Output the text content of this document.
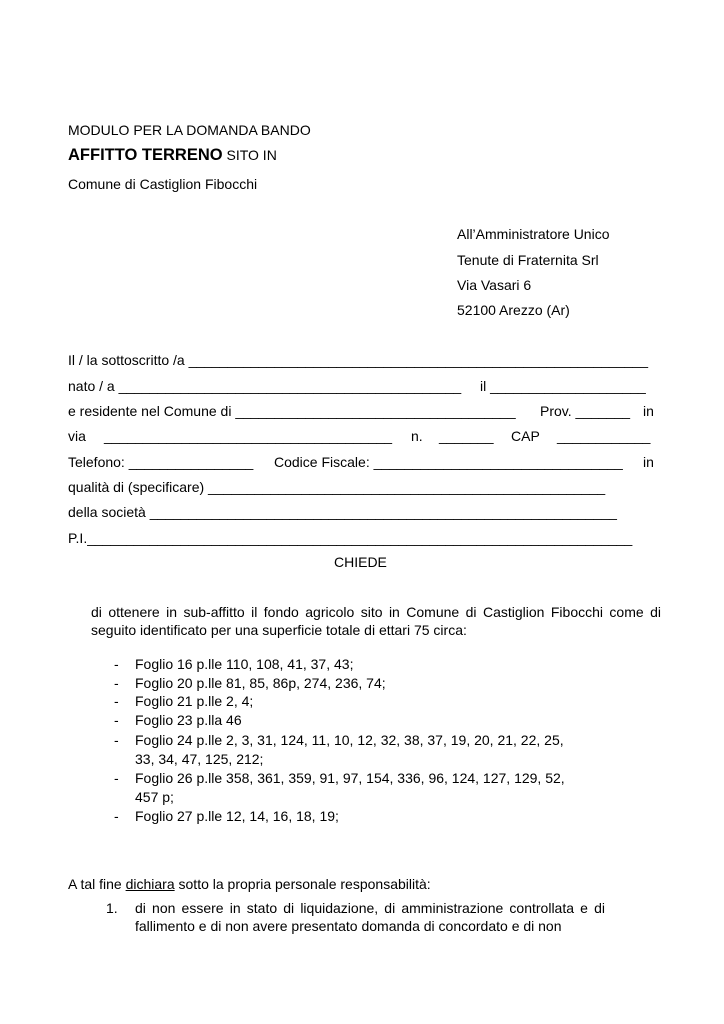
MODULO PER LA DOMANDA BANDO
AFFITTO TERRENO SITO IN
Comune di Castiglion Fibocchi
All’Amministratore Unico
Tenute di Fraternita Srl
Via Vasari 6
52100 Arezzo (Ar)
Il / la sottoscritto /a ___________________________________________________________
nato / a ____________________________________________ il ____________________
e residente nel Comune di ____________________________________ Prov. _______ in
via _____________________________________ n. _______ CAP ____________
Telefono: ________________ Codice Fiscale: ________________________________ in
qualità di (specificare) ___________________________________________________
della società ____________________________________________________________
P.I.______________________________________________________________________
CHIEDE
di ottenere in sub-affitto il fondo agricolo sito in Comune di Castiglion Fibocchi come di seguito identificato per una superficie totale di ettari 75 circa:
- Foglio 16 p.lle 110, 108, 41, 37, 43;
- Foglio 20 p.lle 81, 85, 86p, 274, 236, 74;
- Foglio 21 p.lle 2, 4;
- Foglio 23 p.lla 46
- Foglio 24 p.lle 2, 3, 31, 124, 11, 10, 12, 32, 38, 37, 19, 20, 21, 22, 25,
33, 34, 47, 125, 212;
- Foglio 26 p.lle 358, 361, 359, 91, 97, 154, 336, 96, 124, 127, 129, 52,
457 p;
- Foglio 27 p.lle 12, 14, 16, 18, 19;
A tal fine dichiara sotto la propria personale responsabilità:
1. di non essere in stato di liquidazione, di amministrazione controllata e di fallimento e di non avere presentato domanda di concordato e di non
